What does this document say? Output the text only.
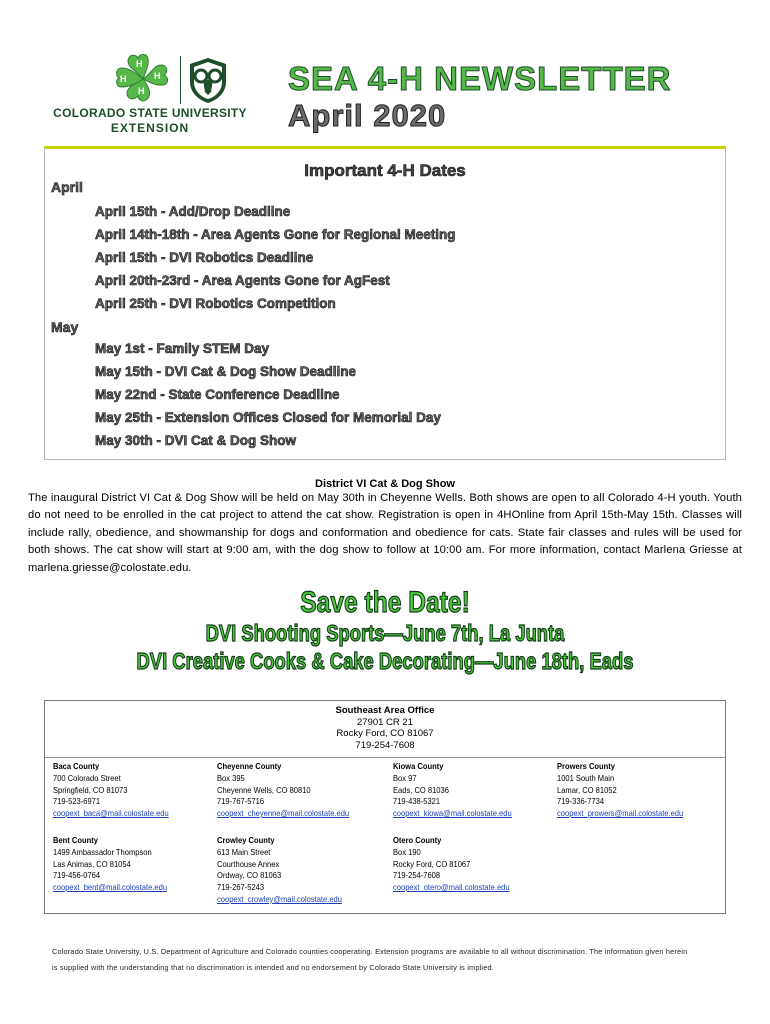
H
H
H
H
COLORADO STATE UNIVERSITY
EXTENSION
SEA 4-H NEWSLETTER
April 2020
Important 4-H Dates
April
April 15th - Add/Drop Deadline
April 14th-18th - Area Agents Gone for Regional Meeting
April 15th - DVI Robotics Deadline
April 20th-23rd - Area Agents Gone for AgFest
April 25th - DVI Robotics Competition
May
May 1st - Family STEM Day
May 15th - DVI Cat & Dog Show Deadline
May 22nd - State Conference Deadline
May 25th - Extension Offices Closed for Memorial Day
May 30th - DVI Cat & Dog Show
District VI Cat & Dog Show
The inaugural District VI Cat & Dog Show will be held on May 30th in Cheyenne Wells. Both shows are open to all Colorado 4-H youth. Youth do not need to be enrolled in the cat project to attend the cat show. Registration is open in 4HOnline from April 15th-May 15th. Classes will include rally, obedience, and showmanship for dogs and conformation and obedience for cats. State fair classes and rules will be used for both shows. The cat show will start at 9:00 am, with the dog show to follow at 10:00 am. For more information, contact Marlena Griesse at marlena.griesse@colostate.edu.
Save the Date!
DVI Shooting Sports—June 7th, La Junta
DVI Creative Cooks & Cake Decorating—June 18th, Eads
Southeast Area Office
27901 CR 21
Rocky Ford, CO 81067
719-254-7608
Baca County
700 Colorado Street
Springfield, CO 81073
719-523-6971
coopext_baca@mail.colostate.edu
Cheyenne County
Box 395
Cheyenne Wells, CO 80810
719-767-5716
coopext_cheyenne@mail.colostate.edu
Kiowa County
Box 97
Eads, CO 81036
719-438-5321
coopext_kiowa@mail.colostate.edu
Prowers County
1001 South Main
Lamar, CO 81052
719-336-7734
coopext_prowers@mail.colostate.edu
Bent County
1499 Ambassador Thompson
Las Animas, CO 81054
719-456-0764
coopext_bent@mail.colostate.edu
Crowley County
613 Main Street
Courthouse Annex
Ordway, CO 81063
719-267-5243
coopext_crowley@mail.colostate.edu
Otero County
Box 190
Rocky Ford, CO 81067
719-254-7608
coopext_otero@mail.colostate.edu
Colorado State University, U.S. Department of Agriculture and Colorado counties cooperating. Extension programs are available to all without discrimination. The information given herein
is supplied with the understanding that no discrimination is intended and no endorsement by Colorado State University is implied.
